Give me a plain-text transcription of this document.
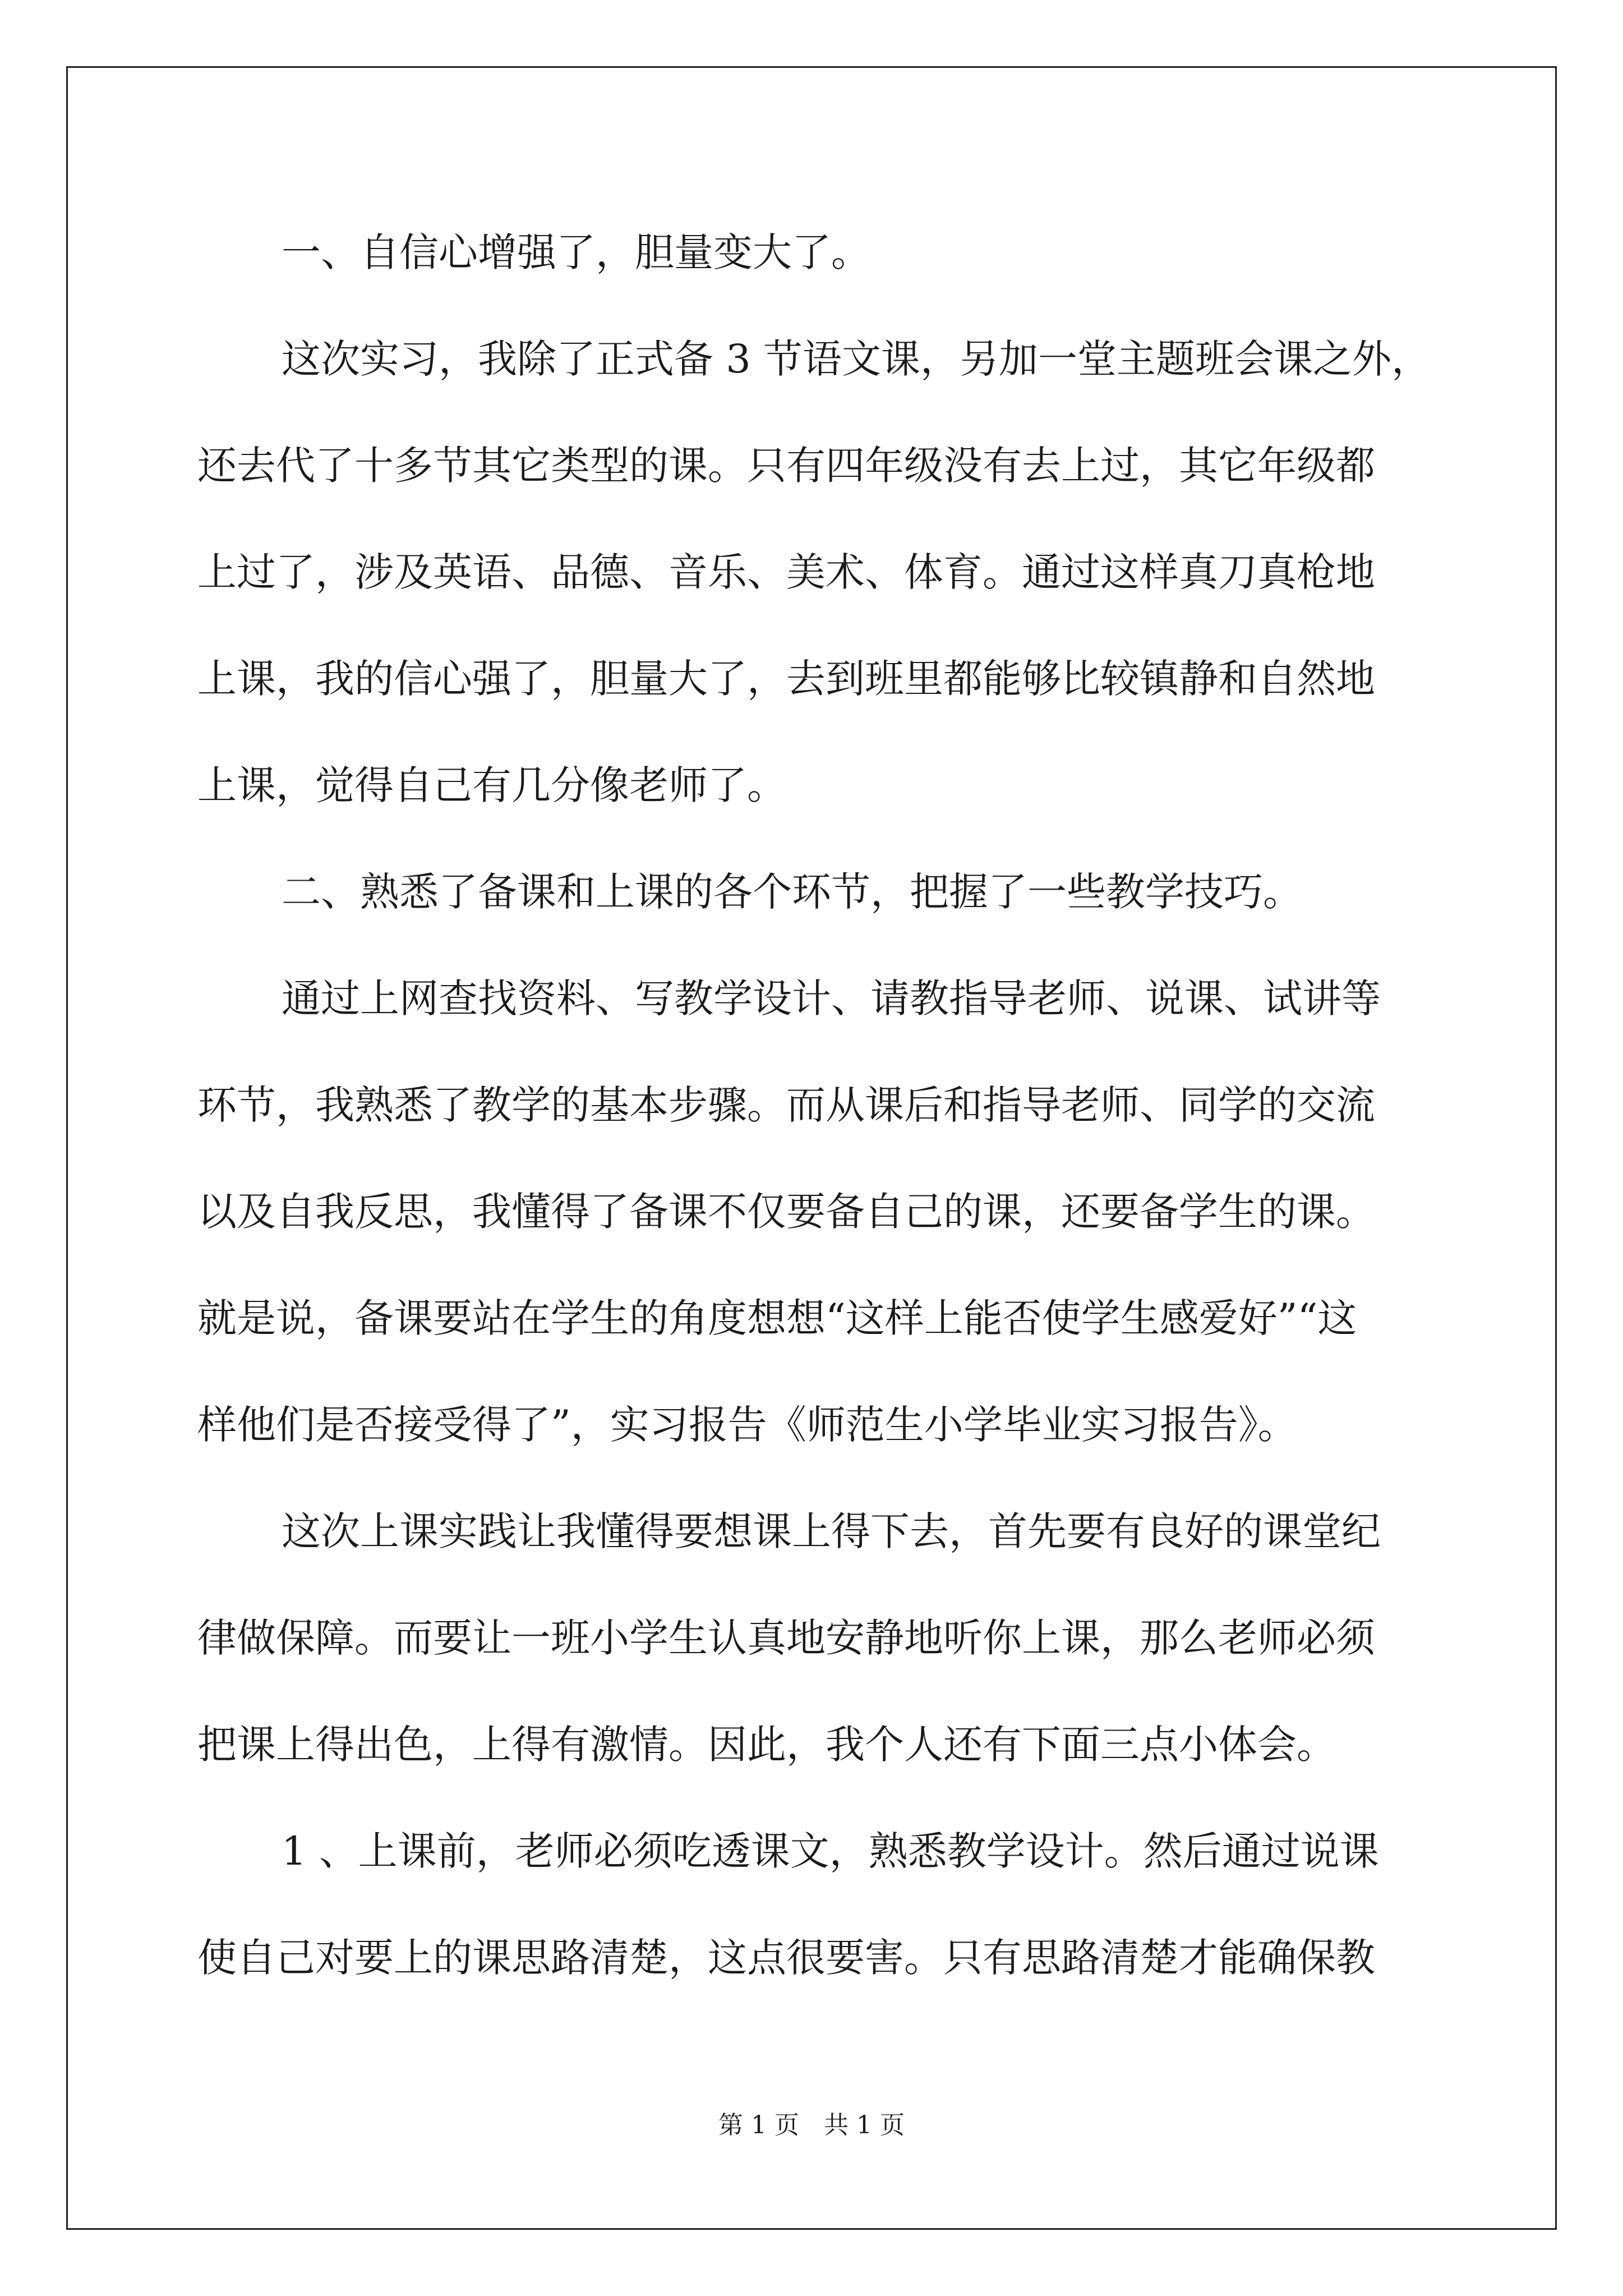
一、自信心增强了，胆量变大了。
这次实习，我除了正式备 3 节语文课，另加一堂主题班会课之外，
还去代了十多节其它类型的课。只有四年级没有去上过，其它年级都
上过了，涉及英语、品德、音乐、美术、体育。通过这样真刀真枪地
上课，我的信心强了，胆量大了，去到班里都能够比较镇静和自然地
上课，觉得自己有几分像老师了。
二、熟悉了备课和上课的各个环节，把握了一些教学技巧。
通过上网查找资料、写教学设计、请教指导老师、说课、试讲等
环节，我熟悉了教学的基本步骤。而从课后和指导老师、同学的交流
以及自我反思，我懂得了备课不仅要备自己的课，还要备学生的课。
就是说，备课要站在学生的角度想想“这样上能否使学生感爱好”“这
样他们是否接受得了”，实习报告《师范生小学毕业实习报告》。
这次上课实践让我懂得要想课上得下去，首先要有良好的课堂纪
律做保障。而要让一班小学生认真地安静地听你上课，那么老师必须
把课上得出色，上得有激情。因此，我个人还有下面三点小体会。
1 、上课前，老师必须吃透课文，熟悉教学设计。然后通过说课
使自己对要上的课思路清楚，这点很要害。只有思路清楚才能确保教
第 1 页　共 1 页
